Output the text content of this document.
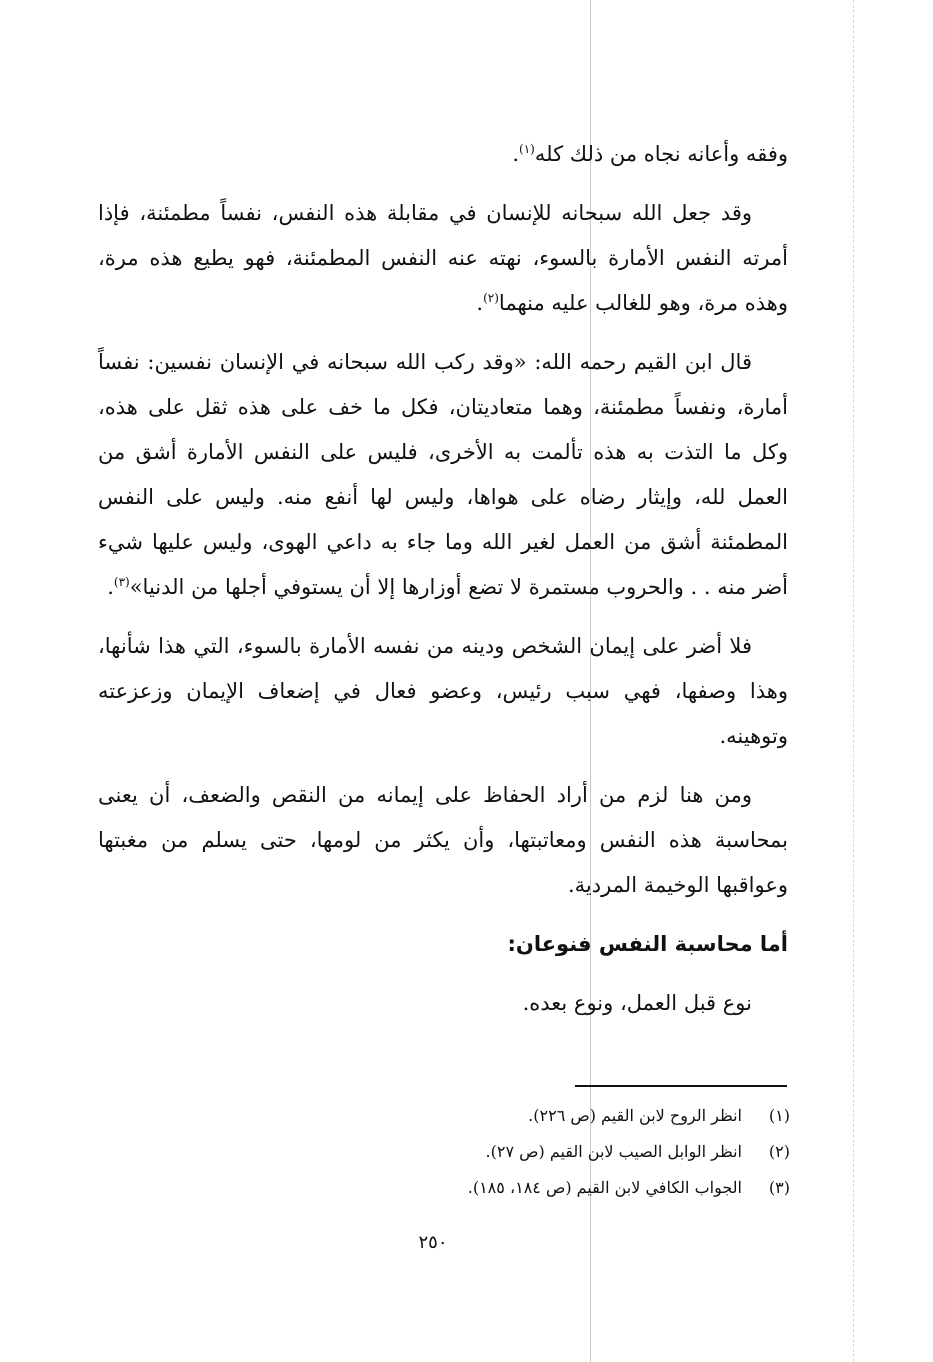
وفقه وأعانه نجاه من ذلك كله$^{(١)}$.

وقد جعل الله سبحانه للإنسان في مقابلة هذه النفس، نفساً مطمئنة، فإذا أمرته النفس الأمارة بالسوء، نهته عنه النفس المطمئنة، فهو يطيع هذه مرة، وهذه مرة، وهو للغالب عليه منهما$^{(٢)}$.

قال ابن القيم رحمه الله: «وقد ركب الله سبحانه في الإنسان نفسين: نفساً أمارة، ونفساً مطمئنة، وهما متعاديتان، فكل ما خف على هذه ثقل على هذه، وكل ما التذت به هذه تألمت به الأخرى، فليس على النفس الأمارة أشق من العمل لله، وإيثار رضاه على هواها، وليس لها أنفع منه. وليس على النفس المطمئنة أشق من العمل لغير الله وما جاء به داعي الهوى، وليس عليها شيء أضر منه . . والحروب مستمرة لا تضع أوزارها إلا أن يستوفي أجلها من الدنيا»$^{(٣)}$.

فلا أضر على إيمان الشخص ودينه من نفسه الأمارة بالسوء، التي هذا شأنها، وهذا وصفها، فهي سبب رئيس، وعضو فعال في إضعاف الإيمان وزعزعته وتوهينه.

ومن هنا لزم من أراد الحفاظ على إيمانه من النقص والضعف، أن يعنى بمحاسبة هذه النفس ومعاتبتها، وأن يكثر من لومها، حتى يسلم من مغبتها وعواقبها الوخيمة المردية.

أما محاسبة النفس فنوعان:

نوع قبل العمل، ونوع بعده.

(١)
انظر الروح لابن القيم (ص ٢٢٦).
(٢)
انظر الوابل الصيب لابن القيم (ص ٢٧).
(٣)
الجواب الكافي لابن القيم (ص ١٨٤، ١٨٥).
٢٥٠
